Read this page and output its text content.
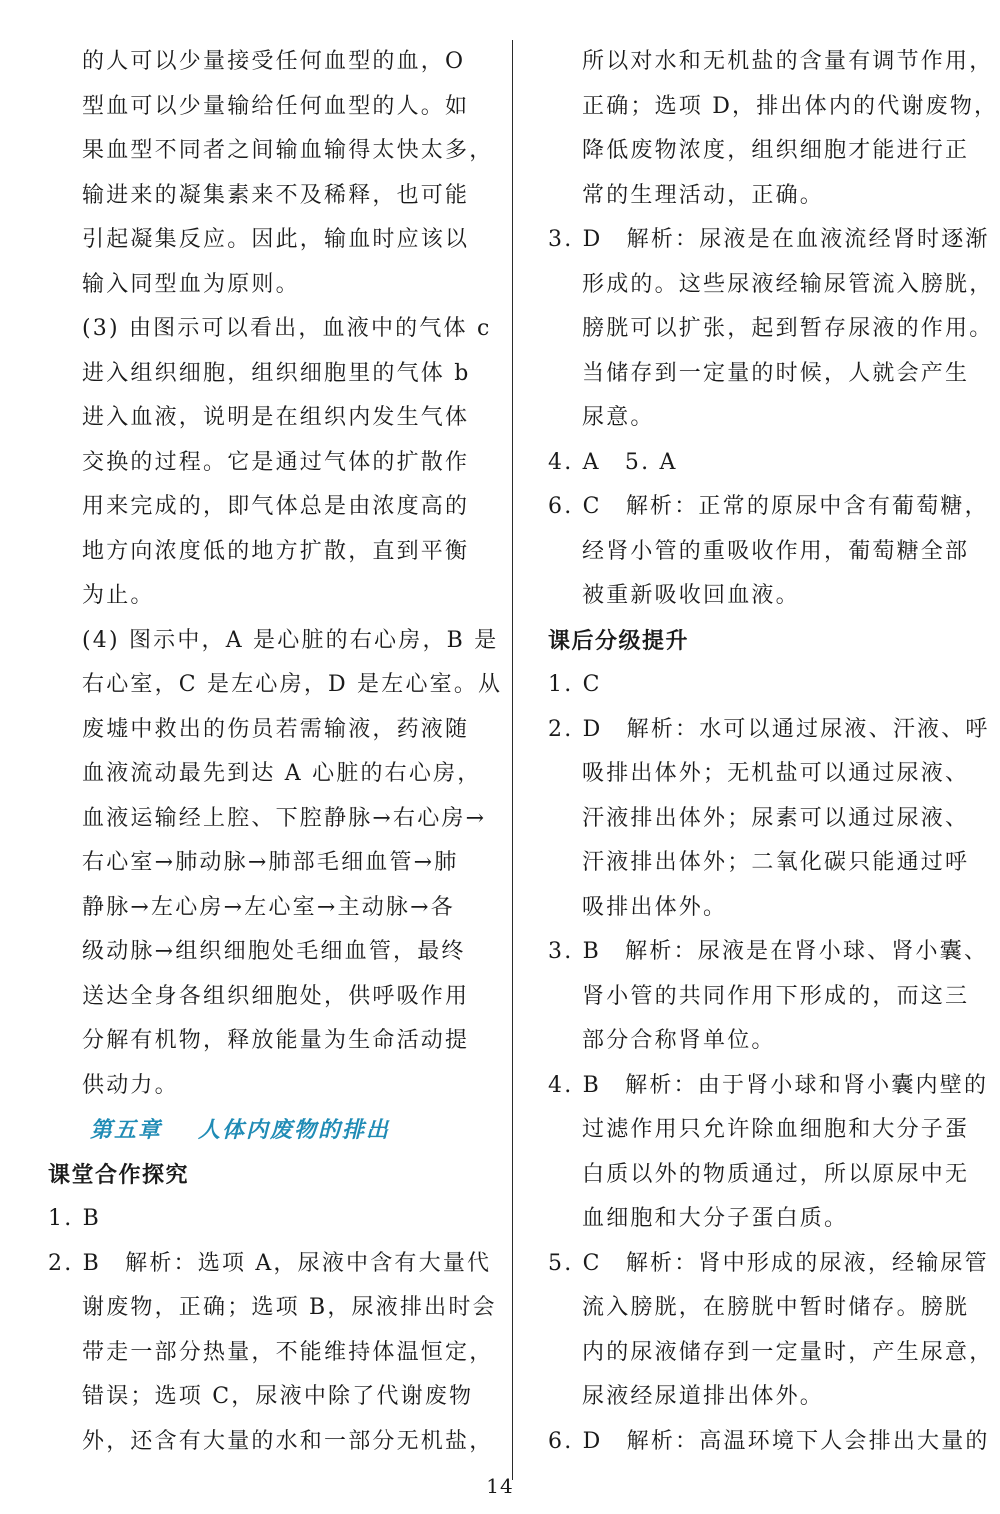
的人可以少量接受任何血型的血，O
型血可以少量输给任何血型的人。如
果血型不同者之间输血输得太快太多，
输进来的凝集素来不及稀释，也可能
引起凝集反应。因此，输血时应该以
输入同型血为原则。
(3) 由图示可以看出，血液中的气体 c
进入组织细胞，组织细胞里的气体 b
进入血液，说明是在组织内发生气体
交换的过程。它是通过气体的扩散作
用来完成的，即气体总是由浓度高的
地方向浓度低的地方扩散，直到平衡
为止。
(4) 图示中，A 是心脏的右心房，B 是
右心室，C 是左心房，D 是左心室。从
废墟中救出的伤员若需输液，药液随
血液流动最先到达 A 心脏的右心房，
血液运输经上腔、下腔静脉→右心房→
右心室→肺动脉→肺部毛细血管→肺
静脉→左心房→左心室→主动脉→各
级动脉→组织细胞处毛细血管，最终
送达全身各组织细胞处，供呼吸作用
分解有机物，释放能量为生命活动提
供动力。
第五章 人体内废物的排出
课堂合作探究
1. B
2. B　解析：选项 A，尿液中含有大量代
谢废物，正确；选项 B，尿液排出时会
带走一部分热量，不能维持体温恒定，
错误；选项 C，尿液中除了代谢废物
外，还含有大量的水和一部分无机盐，
所以对水和无机盐的含量有调节作用，
正确；选项 D，排出体内的代谢废物，
降低废物浓度，组织细胞才能进行正
常的生理活动，正确。
3. D　解析：尿液是在血液流经肾时逐渐
形成的。这些尿液经输尿管流入膀胱，
膀胱可以扩张，起到暂存尿液的作用。
当储存到一定量的时候，人就会产生
尿意。
4. A　5. A
6. C　解析：正常的原尿中含有葡萄糖，
经肾小管的重吸收作用，葡萄糖全部
被重新吸收回血液。
课后分级提升
1. C
2. D　解析：水可以通过尿液、汗液、呼
吸排出体外；无机盐可以通过尿液、
汗液排出体外；尿素可以通过尿液、
汗液排出体外；二氧化碳只能通过呼
吸排出体外。
3. B　解析：尿液是在肾小球、肾小囊、
肾小管的共同作用下形成的，而这三
部分合称肾单位。
4. B　解析：由于肾小球和肾小囊内壁的
过滤作用只允许除血细胞和大分子蛋
白质以外的物质通过，所以原尿中无
血细胞和大分子蛋白质。
5. C　解析：肾中形成的尿液，经输尿管
流入膀胱，在膀胱中暂时储存。膀胱
内的尿液储存到一定量时，产生尿意，
尿液经尿道排出体外。
6. D　解析：高温环境下人会排出大量的
14
